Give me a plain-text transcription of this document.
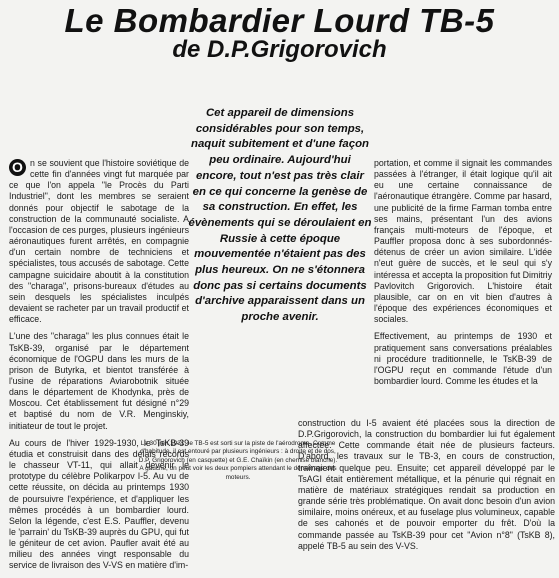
Le Bombardier Lourd TB-5
de D.P.Grigorovich
Cet appareil de dimensions considérables pour son temps, naquit subitement et d'une façon peu ordinaire. Aujourd'hui encore, tout n'est pas très clair en ce qui concerne la genèse de sa construction. En effet, les évènements qui se déroulaient en Russie à cette époque mouvementée n'étaient pas des plus heureux. On ne s'étonnera donc pas si certains documents d'archive apparaissent dans un proche avenir.

O n se souvient que l'histoire soviétique de cette fin d'années vingt fut marquée par ce que l'on appela "le Procès du Parti Industriel", dont les membres se seraient donnés pour objectif le sabotage de la construction de la communauté socialiste. A l'occasion de ces purges, plusieurs ingénieurs aéronautiques furent arrêtés, en compagnie d'un certain nombre de techniciens et spécialistes, tous accusés de sabotage. Cette campagne suicidaire aboutit à la constitution des "charaga", prisons-bureaux d'études au sein desquels les spécialistes inculpés devaient se racheter par un travail productif et efficace.

L'une des "charaga" les plus connues était le TsKB-39, organisé par le département économique de l'OGPU dans les murs de la prison de Butyrka, et bientot transférée à l'usine de réparations Aviarobotnik située dans le département de Khodynka, près de Moscou. Cet établissement fut désigné n°29 et baptisé du nom de V.R. Menginskiy, initiateur de tout le projet.

Au cours de l'hiver 1929-1930, le TsKB-39 étudia et construisit dans des délais records le chasseur VT-11, qui allait devenir le prototype du célèbre Polikarpov I-5. Au vu de cette réussite, on décida au printemps 1930 de poursuivre l'expérience, et d'appliquer les mêmes procédés à un bombardier lourd. Selon la légende, c'est E.S. Pauffler, devenu le 'parrain' du TsKB-39 auprès du GPU, qui fut le géniteur de cet avion. Paufler avait été au milieu des années vingt responsable du service de livraison des V-VS en matière d'im-

portation, et comme il signait les commandes passées à l'étranger, il était logique qu'il ait eu une certaine connaissance de l'aéronautique étrangère. Comme par hasard, une publicité de la firme Farman tomba entre ses mains, présentant l'un des avions français multi-moteurs de l'époque, et Pauffler proposa donc à ses subordonnés-détenus de créer un avion similaire. L'idée n'eut guère de succès, et le seul qui s'y intéressa et accepta la proposition fut Dimitriy Pavlovitch Grigorovich. L'histoire était plausible, car on en vit bien d'autres à l'époque des expériences économiques et sociales.

Effectivement, au printemps de 1930 et pratiquement sans conversations préalables ni procédure traditionnelle, le TsKB-39 de l'OGPU reçut en commande l'étude d'un bombardier lourd. Comme les études et la

construction du I-5 avaient été placées sous la direction de D.P.Grigorovich, la construction du bombardier lui fut également affectée. Cette commande était née de plusieurs facteurs. D'abord, les travaux sur le TB-3, en cours de construction, traînaient quelque peu. Ensuite; cet appareil développé par le TsAGI était entièrement métallique, et la pénurie qui régnait en matière de matériaux stratégiques rendait sa production en grande série très problématique. On avait donc besoin d'un avion similaire, moins onéreux, et au fuselage plus volumineux, capable de ses cahonés et de pouvoir emporter du frêt. D'où la commande passée au TsKB-39 pour cet "Avion n°8" (TsKB 8), appelé TB-5 au sein des V-VS.
Le 30 juin 1931, le TB-5 est sorti sur la piste de l'aérodrome. Comme d'habitude, il est entouré par plusieurs ingénieurs : à droite et de dos, D.P. Grigorovich (en casquette) et G.E. Chaïkin (en chemise blanche). A gauche, on peut voir les deux pompiers attendant le démarrage des moteurs.
